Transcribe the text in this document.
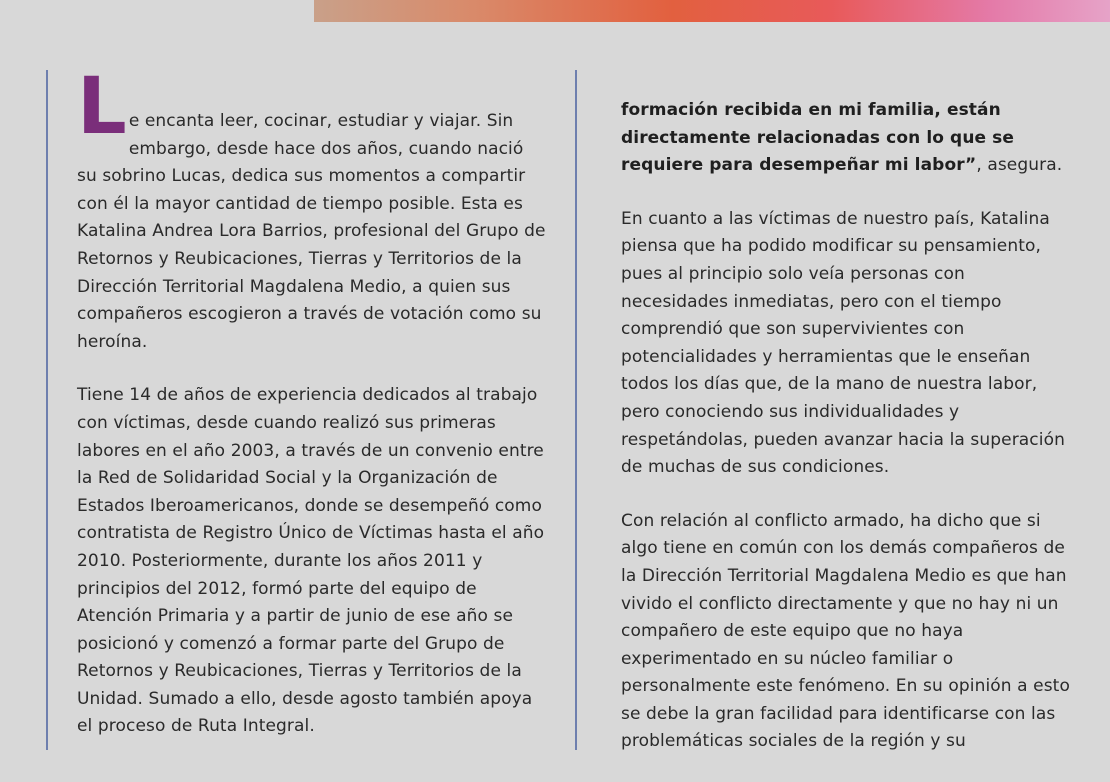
Le encanta leer, cocinar, estudiar y viajar. Sin embargo, desde hace dos años, cuando nació su sobrino Lucas, dedica sus momentos a compartir con él la mayor cantidad de tiempo posible. Esta es Katalina Andrea Lora Barrios, profesional del Grupo de Retornos y Reubicaciones, Tierras y Territorios de la Dirección Territorial Magdalena Medio, a quien sus compañeros escogieron a través de votación como su heroína.

Tiene 14 de años de experiencia dedicados al trabajo con víctimas, desde cuando realizó sus primeras labores en el año 2003, a través de un convenio entre la Red de Solidaridad Social y la Organización de Estados Iberoamericanos, donde se desempeñó como contratista de Registro Único de Víctimas hasta el año 2010. Posteriormente, durante los años 2011 y principios del 2012, formó parte del equipo de Atención Primaria y a partir de junio de ese año se posicionó y comenzó a formar parte del Grupo de Retornos y Reubicaciones, Tierras y Territorios de la Unidad. Sumado a ello, desde agosto también apoya el proceso de Ruta Integral.

formación recibida en mi familia, están directamente relacionadas con lo que se requiere para desempeñar mi labor”, asegura.

En cuanto a las víctimas de nuestro país, Katalina piensa que ha podido modificar su pensamiento, pues al principio solo veía personas con necesidades inmediatas, pero con el tiempo comprendió que son supervivientes con potencialidades y herramientas que le enseñan todos los días que, de la mano de nuestra labor, pero conociendo sus individualidades y respetándolas, pueden avanzar hacia la superación de muchas de sus condiciones.

Con relación al conflicto armado, ha dicho que si algo tiene en común con los demás compañeros de la Dirección Territorial Magdalena Medio es que han vivido el conflicto directamente y que no hay ni un compañero de este equipo que no haya experimentado en su núcleo familiar o personalmente este fenómeno. En su opinión a esto se debe la gran facilidad para identificarse con las problemáticas sociales de la región y su
